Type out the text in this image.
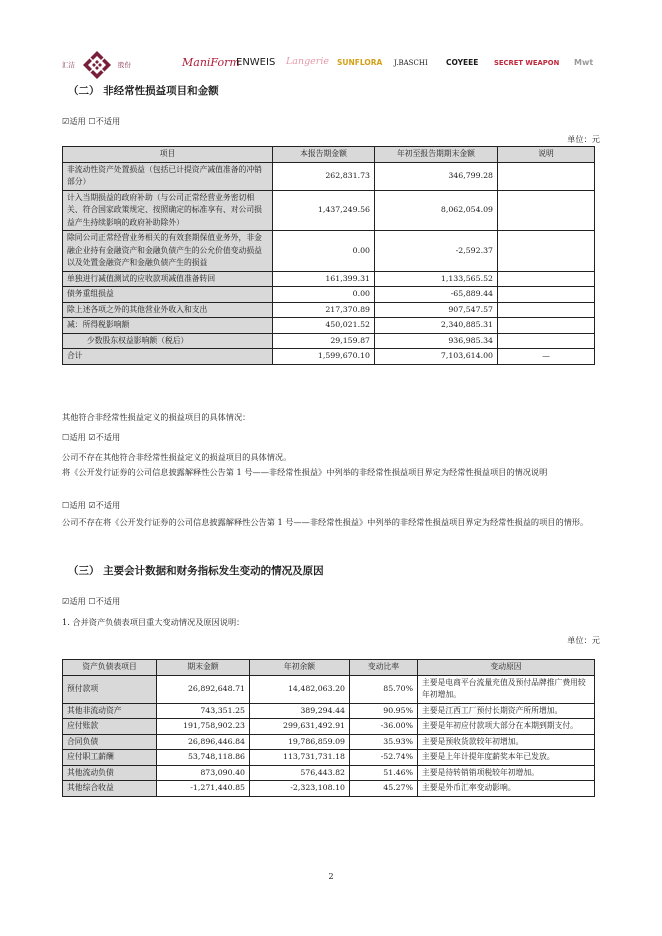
汇洁	股份	ManiForm
ENWEIS Langerie SUNFLORA J.BASCHI COYEEE SECRET WEAPON Mwt
（二） 非经常性损益项目和金额
☑适用 ☐不适用
单位：元
项目	本报告期金额	年初至报告期期末金额	说明
非流动性资产处置损益（包括已计提资产减值准备的冲销部分）	262,831.73	346,799.28	
计入当期损益的政府补助（与公司正常经营业务密切相关、符合国家政策规定、按照确定的标准享有、对公司损益产生持续影响的政府补助除外）	1,437,249.56	8,062,054.09	
除同公司正常经营业务相关的有效套期保值业务外，非金融企业持有金融资产和金融负债产生的公允价值变动损益以及处置金融资产和金融负债产生的损益	0.00	-2,592.37	
单独进行减值测试的应收款项减值准备转回	161,399.31	1,133,565.52	
债务重组损益	0.00	-65,889.44	
除上述各项之外的其他营业外收入和支出	217,370.89	907,547.57	
减：所得税影响额	450,021.52	2,340,885.31	
少数股东权益影响额（税后）	29,159.87	936,985.34	
合计	1,599,670.10	7,103,614.00	—
其他符合非经常性损益定义的损益项目的具体情况：
☐适用 ☑不适用
公司不存在其他符合非经常性损益定义的损益项目的具体情况。
将《公开发行证券的公司信息披露解释性公告第 1 号——非经常性损益》中列举的非经常性损益项目界定为经常性损益项目的情况说明
☐适用 ☑不适用
公司不存在将《公开发行证券的公司信息披露解释性公告第 1 号——非经常性损益》中列举的非经常性损益项目界定为经常性损益的项目的情形。
（三） 主要会计数据和财务指标发生变动的情况及原因
☑适用 ☐不适用
1. 合并资产负债表项目重大变动情况及原因说明：
单位：元
资产负债表项目	期末金额	年初余额	变动比率	变动原因
预付款项	26,892,648.71	14,482,063.20	85.70%	主要是电商平台流量充值及预付品牌推广费用较年初增加。
其他非流动资产	743,351.25	389,294.44	90.95%	主要是江西工厂预付长期资产所所增加。
应付账款	191,758,902.23	299,631,492.91	-36.00%	主要是年初应付款项大部分在本期到期支付。
合同负债	26,896,446.84	19,786,859.09	35.93%	主要是预收货款较年初增加。
应付职工薪酬	53,748,118.86	113,731,731.18	-52.74%	主要是上年计提年度薪奖本年已发放。
其他流动负债	873,090.40	576,443.82	51.46%	主要是待转销销项税较年初增加。
其他综合收益	-1,271,440.85	-2,323,108.10	45.27%	主要是外币汇率变动影响。
2
